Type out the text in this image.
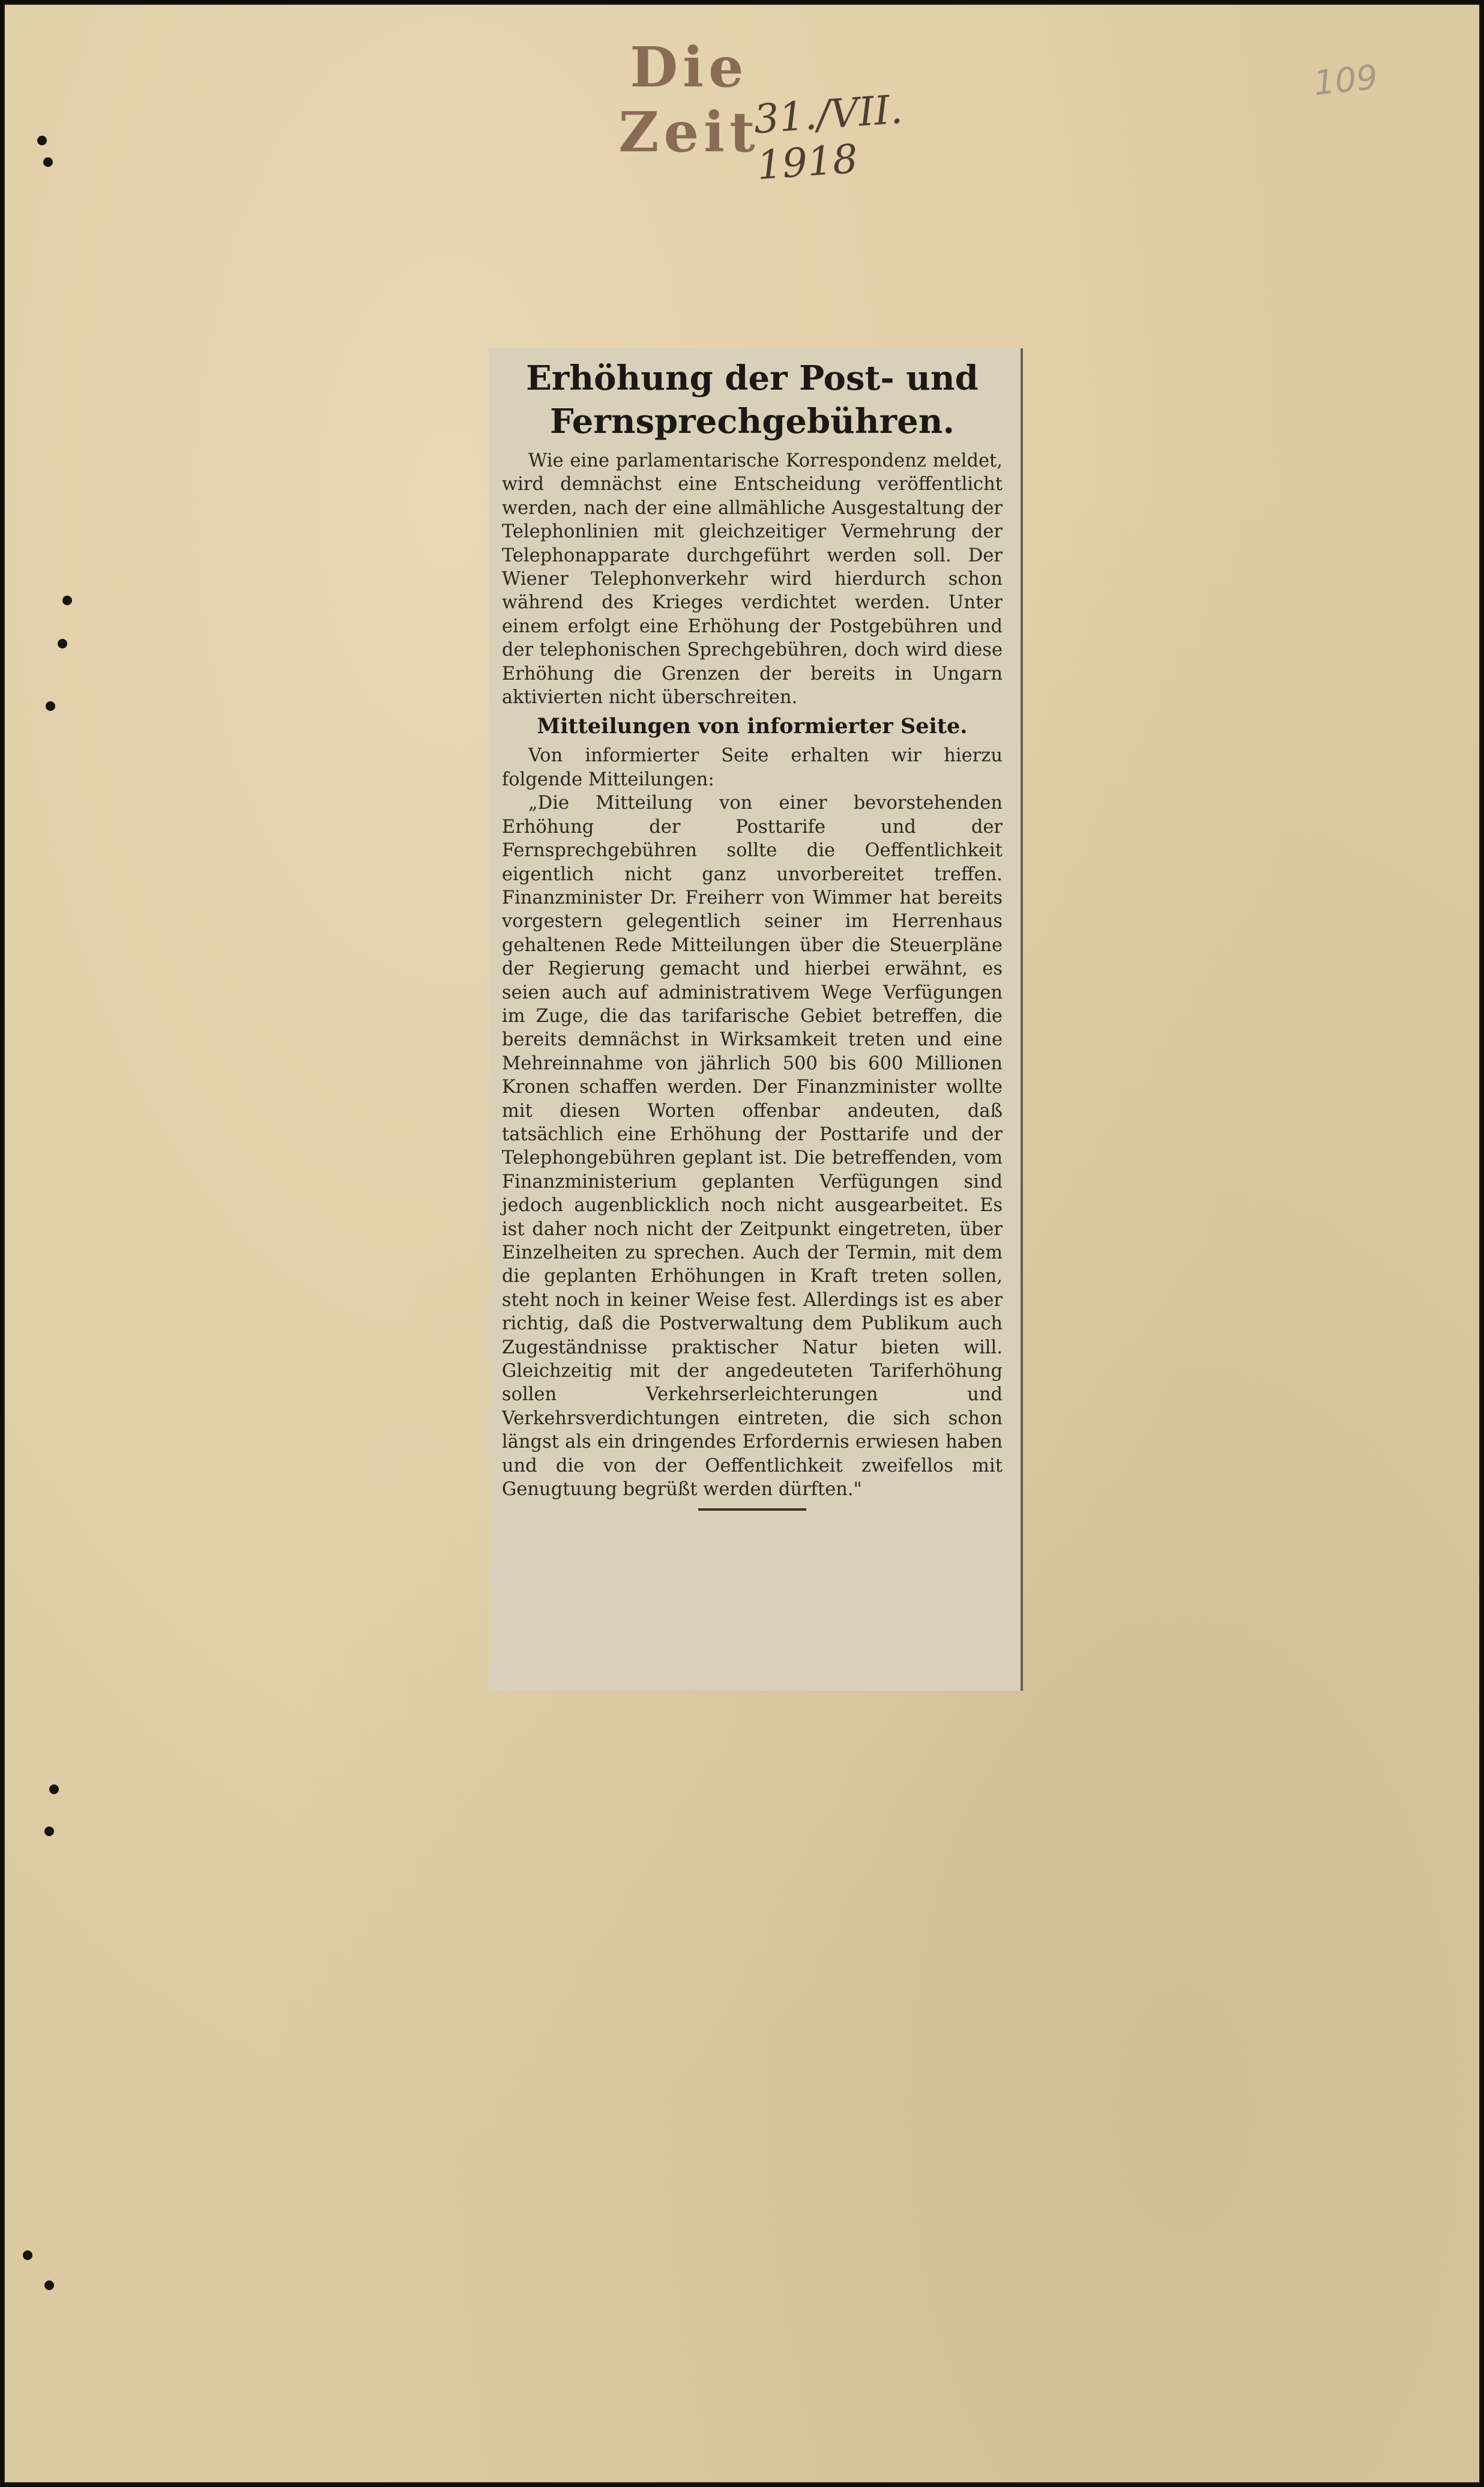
Die Zeit
31./VII. 1918
109
Erhöhung der Post- und Fernsprechgebühren.

Wie eine parlamentarische Korrespondenz meldet, wird demnächst eine Entscheidung veröffentlicht werden, nach der eine allmähliche Ausgestaltung der Telephonlinien mit gleichzeitiger Vermehrung der Telephonapparate durchgeführt werden soll. Der Wiener Telephonverkehr wird hierdurch schon während des Krieges verdichtet werden. Unter einem erfolgt eine Erhöhung der Postgebühren und der telephonischen Sprechgebühren, doch wird diese Erhöhung die Grenzen der bereits in Ungarn aktivierten nicht überschreiten.

Mitteilungen von informierter Seite.

Von informierter Seite erhalten wir hierzu folgende Mitteilungen:

„Die Mitteilung von einer bevorstehenden Erhöhung der Posttarife und der Fernsprechgebühren sollte die Oeffentlichkeit eigentlich nicht ganz unvorbereitet treffen. Finanzminister Dr. Freiherr von Wimmer hat bereits vorgestern gelegentlich seiner im Herrenhaus gehaltenen Rede Mitteilungen über die Steuerpläne der Regierung gemacht und hierbei erwähnt, es seien auch auf administrativem Wege Verfügungen im Zuge, die das tarifarische Gebiet betreffen, die bereits demnächst in Wirksamkeit treten und eine Mehreinnahme von jährlich 500 bis 600 Millionen Kronen schaffen werden. Der Finanzminister wollte mit diesen Worten offenbar andeuten, daß tatsächlich eine Erhöhung der Posttarife und der Telephongebühren geplant ist. Die betreffenden, vom Finanzministerium geplanten Verfügungen sind jedoch augenblicklich noch nicht ausgearbeitet. Es ist daher noch nicht der Zeitpunkt eingetreten, über Einzelheiten zu sprechen. Auch der Termin, mit dem die geplanten Erhöhungen in Kraft treten sollen, steht noch in keiner Weise fest. Allerdings ist es aber richtig, daß die Postverwaltung dem Publikum auch Zugeständnisse praktischer Natur bieten will. Gleichzeitig mit der angedeuteten Tariferhöhung sollen Verkehrserleichterungen und Verkehrsverdichtungen eintreten, die sich schon längst als ein dringendes Erfordernis erwiesen haben und die von der Oeffentlichkeit zweifellos mit Genugtuung begrüßt werden dürften."
